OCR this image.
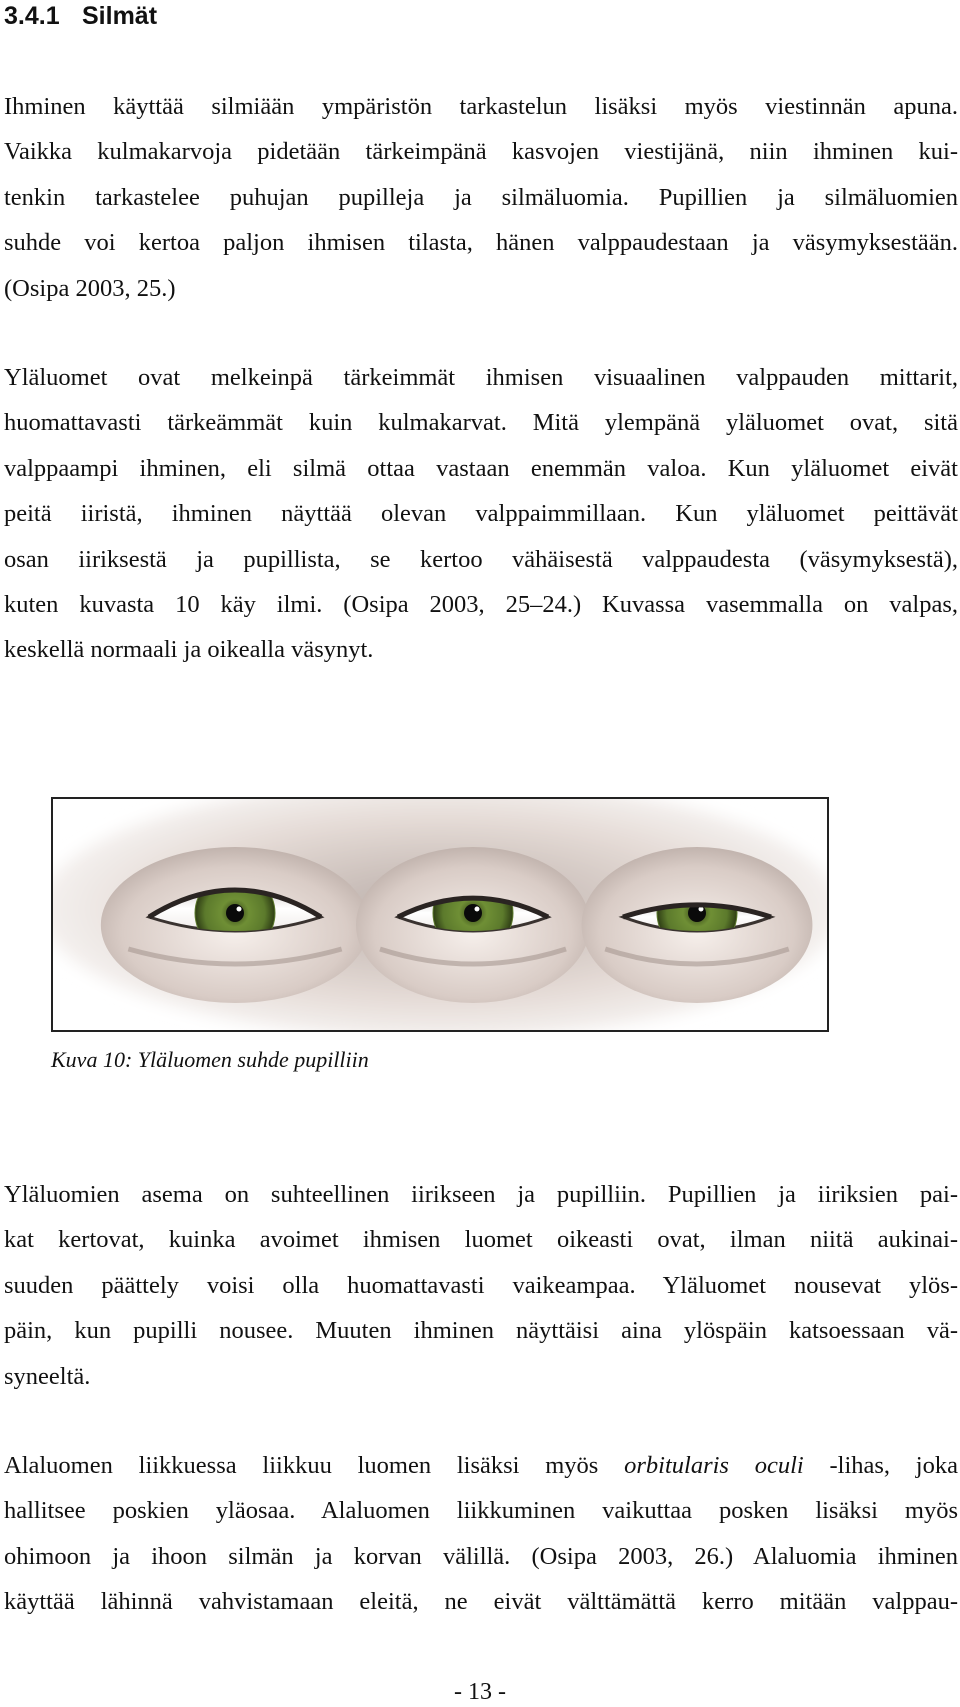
3.4.1 Silmät
Ihminen käyttää silmiään ympäristön tarkastelun lisäksi myös viestinnän apuna.
Vaikka kulmakarvoja pidetään tärkeimpänä kasvojen viestijänä, niin ihminen kui-
tenkin tarkastelee puhujan pupilleja ja silmäluomia. Pupillien ja silmäluomien
suhde voi kertoa paljon ihmisen tilasta, hänen valppaudestaan ja väsymyksestään.
(Osipa 2003, 25.)
Yläluomet ovat melkeinpä tärkeimmät ihmisen visuaalinen valppauden mittarit,
huomattavasti tärkeämmät kuin kulmakarvat. Mitä ylempänä yläluomet ovat, sitä
valppaampi ihminen, eli silmä ottaa vastaan enemmän valoa. Kun yläluomet eivät
peitä iiristä, ihminen näyttää olevan valppaimmillaan. Kun yläluomet peittävät
osan iiriksestä ja pupillista, se kertoo vähäisestä valppaudesta (väsymyksestä),
kuten kuvasta 10 käy ilmi. (Osipa 2003, 25–24.) Kuvassa vasemmalla on valpas,
keskellä normaali ja oikealla väsynyt.
Kuva 10: Yläluomen suhde pupilliin
Yläluomien asema on suhteellinen iirikseen ja pupilliin. Pupillien ja iiriksien pai-
kat kertovat, kuinka avoimet ihmisen luomet oikeasti ovat, ilman niitä aukinai-
suuden päättely voisi olla huomattavasti vaikeampaa. Yläluomet nousevat ylös-
päin, kun pupilli nousee. Muuten ihminen näyttäisi aina ylöspäin katsoessaan vä-
syneeltä.
Alaluomen liikkuessa liikkuu luomen lisäksi myös orbitularis oculi -lihas, joka
hallitsee poskien yläosaa. Alaluomen liikkuminen vaikuttaa posken lisäksi myös
ohimoon ja ihoon silmän ja korvan välillä. (Osipa 2003, 26.) Alaluomia ihminen
käyttää lähinnä vahvistamaan eleitä, ne eivät välttämättä kerro mitään valppau-
- 13 -
